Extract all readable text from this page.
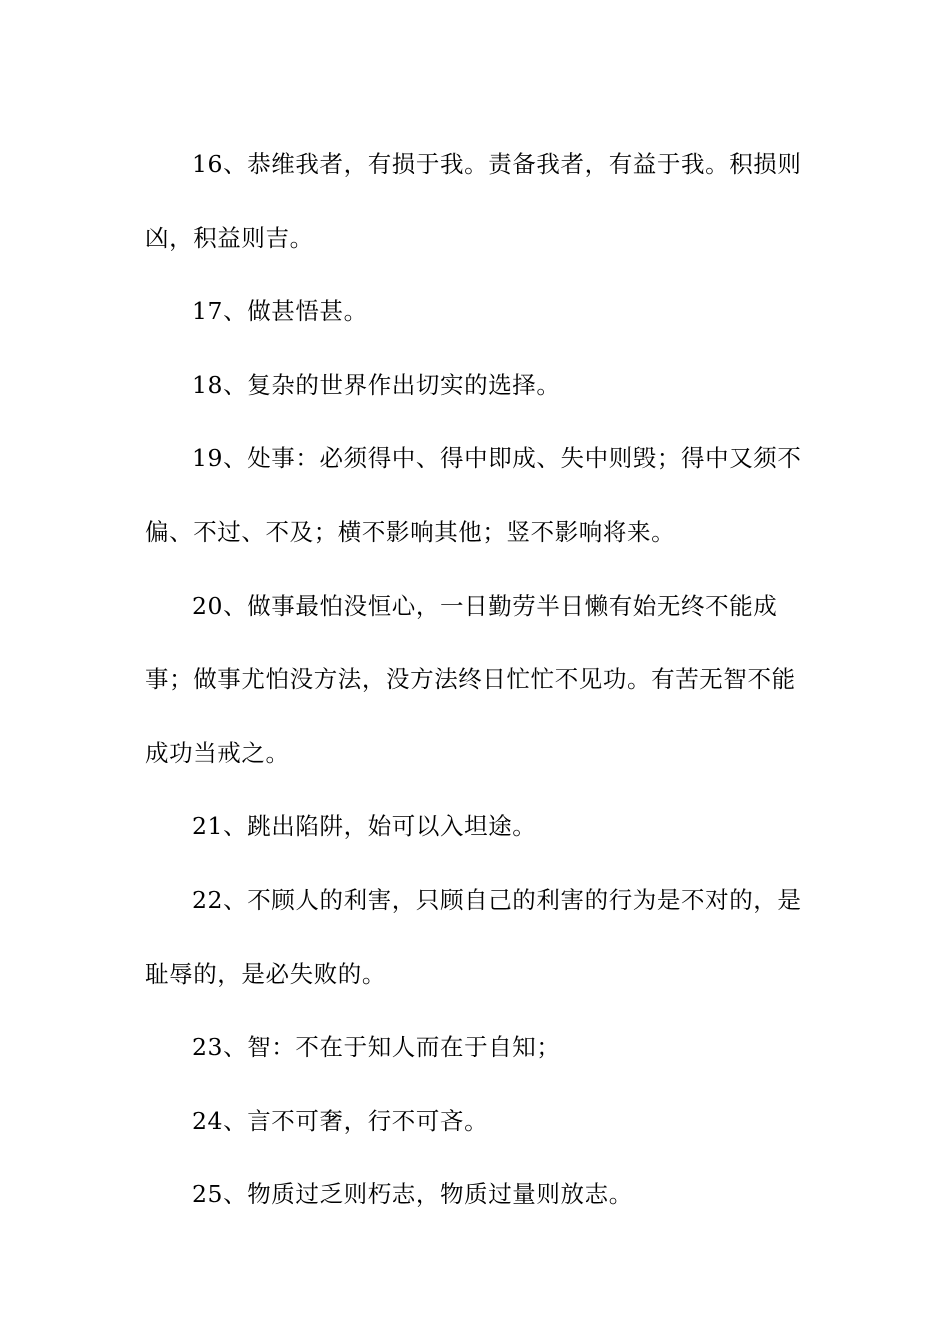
16、恭维我者，有损于我。责备我者，有益于我。积损则凶，积益则吉。

17、做甚悟甚。

18、复杂的世界作出切实的选择。

19、处事：必须得中、得中即成、失中则毁；得中又须不偏、不过、不及；横不影响其他；竖不影响将来。

20、做事最怕没恒心，一日勤劳半日懒有始无终不能成事；做事尤怕没方法，没方法终日忙忙不见功。有苦无智不能成功当戒之。

21、跳出陷阱，始可以入坦途。

22、不顾人的利害，只顾自己的利害的行为是不对的，是耻辱的，是必失败的。

23、智：不在于知人而在于自知；

24、言不可奢，行不可吝。

25、物质过乏则朽志，物质过量则放志。
